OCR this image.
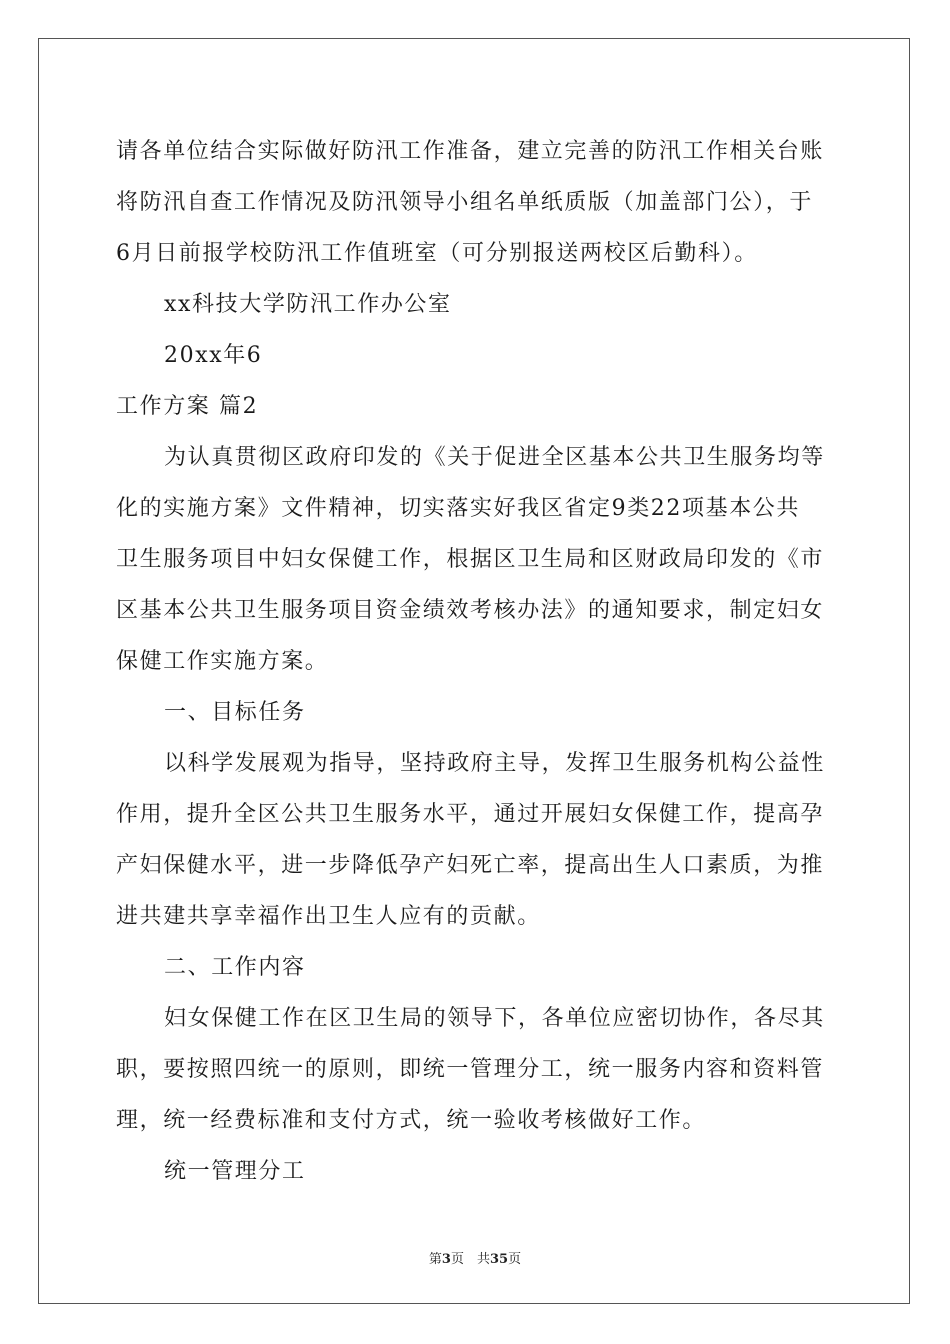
请各单位结合实际做好防汛工作准备，建立完善的防汛工作相关台账
将防汛自查工作情况及防汛领导小组名单纸质版（加盖部门公），于
6月日前报学校防汛工作值班室（可分别报送两校区后勤科）。
xx科技大学防汛工作办公室
20xx年6
工作方案 篇2
为认真贯彻区政府印发的《关于促进全区基本公共卫生服务均等
化的实施方案》文件精神，切实落实好我区省定9类22项基本公共
卫生服务项目中妇女保健工作，根据区卫生局和区财政局印发的《市
区基本公共卫生服务项目资金绩效考核办法》的通知要求，制定妇女
保健工作实施方案。
一、目标任务
以科学发展观为指导，坚持政府主导，发挥卫生服务机构公益性
作用，提升全区公共卫生服务水平，通过开展妇女保健工作，提高孕
产妇保健水平，进一步降低孕产妇死亡率，提高出生人口素质，为推
进共建共享幸福作出卫生人应有的贡献。
二、工作内容
妇女保健工作在区卫生局的领导下，各单位应密切协作，各尽其
职，要按照四统一的原则，即统一管理分工，统一服务内容和资料管
理，统一经费标准和支付方式，统一验收考核做好工作。
统一管理分工
第3页　共35页
